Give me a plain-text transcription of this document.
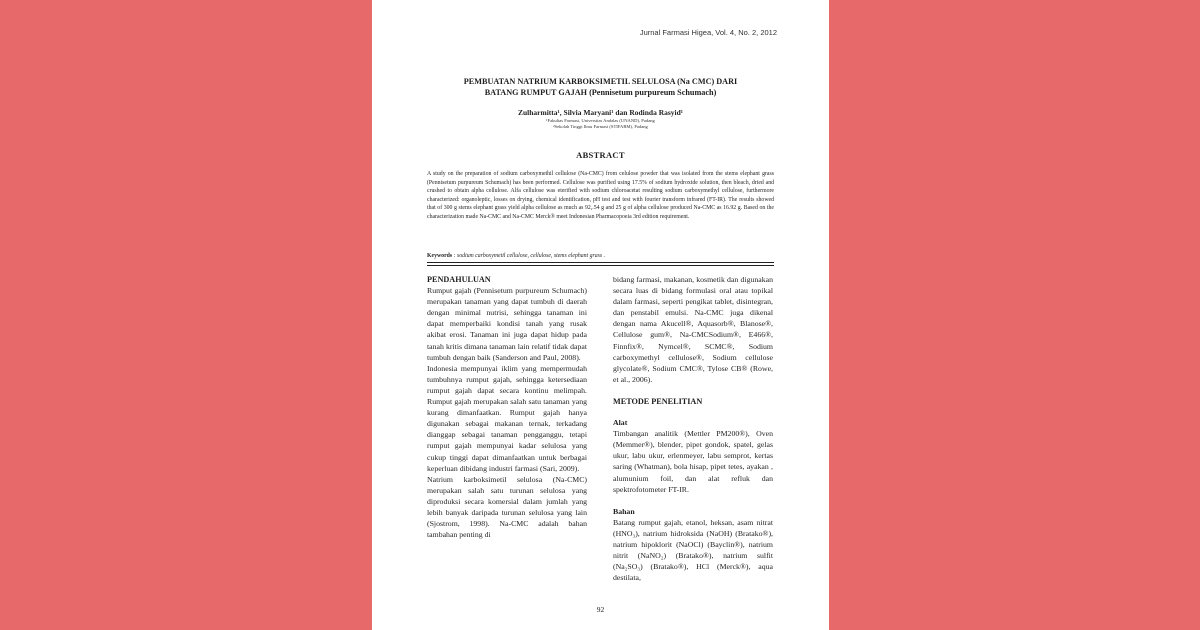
Jurnal Farmasi Higea, Vol. 4, No. 2, 2012
PEMBUATAN NATRIUM KARBOKSIMETIL SELULOSA (Na CMC) DARI
BATANG RUMPUT GAJAH (Pennisetum purpureum Schumach)
Zulharmitta¹, Silvia Maryani¹ dan Rodinda Rasyid¹
¹Fakultas Farmasi, Universitas Andalas (UNAND), Padang
²Sekolah Tinggi Ilmu Farmasi (STIFARM), Padang
ABSTRACT
A study on the preparation of sodium carboxymethil cellulose (Na-CMC) from celulose powder that was isolated from the stems elephant grass (Pennisetum purpureum Schumach) has been performed. Cellulose was purified using 17.5% of sodium hydroxide solution, then bleach, dried and crushed to obtain alpha cellulose. Alfa cellulose was eterified with sodium chloroacetat resulting sodium carboxymethyl cellulose, furthermore characterized: organoleptic, losses on drying, chemical identification, pH test and test with fourier transform infrared (FT-IR). The results showed that of 300 g stems elephant grass yield alpha cellulose as much as 92,.54 g and 25 g of alpha cellulose produced Na-CMC as 16.92 g. Based on the characterization made Na-CMC and Na-CMC Merck® meet Indonesian Pharmacopoeia 3rd edition requirement.
Keywords : sodium carboxymetil cellulose, cellulose, stems elephant grass .

PENDAHULUAN

Rumput gajah (Pennisetum purpureum Schumach) merupakan tanaman yang dapat tumbuh di daerah dengan minimal nutrisi, sehingga tanaman ini dapat memperbaiki kondisi tanah yang rusak akibat erosi. Tanaman ini juga dapat hidup pada tanah kritis dimana tanaman lain relatif tidak dapat tumbuh dengan baik (Sanderson and Paul, 2008).

Indonesia mempunyai iklim yang mempermudah tumbuhnya rumput gajah, sehingga ketersediaan rumput gajah dapat secara kontinu melimpah. Rumput gajah merupakan salah satu tanaman yang kurang dimanfaatkan. Rumput gajah hanya digunakan sebagai makanan ternak, terkadang dianggap sebagai tanaman pengganggu, tetapi rumput gajah mempunyai kadar selulosa yang cukup tinggi dapat dimanfaatkan untuk berbagai keperluan dibidang industri farmasi (Sari, 2009).

Natrium karboksimetil selulosa (Na-CMC) merupakan salah satu turunan selulosa yang diproduksi secara komersial dalam jumlah yang lebih banyak daripada turunan selulosa yang lain (Sjostrom, 1998). Na-CMC adalah bahan tambahan penting di

bidang farmasi, makanan, kosmetik dan digunakan secara luas di bidang formulasi oral atau topikal dalam farmasi, seperti pengikat tablet, disintegran, dan penstabil emulsi. Na-CMC juga dikenal dengan nama Akucell®, Aquasorb®, Blanose®, Cellulose gum®, Na-CMCSodium®, E466®, Finnfix®, Nymcel®, SCMC®, Sodium carboxymethyl cellulose®, Sodium cellulose glycolate®, Sodium CMC®, Tylose CB® (Rowe, et al., 2006).

METODE PENELITIAN

Alat

Timbangan analitik (Mettler PM200®), Oven (Memmer®), blender, pipet gondok, spatel, gelas ukur, labu ukur, erlenmeyer, labu semprot, kertas saring (Whatman), bola hisap, pipet tetes, ayakan , alumunium foil, dan alat refluk dan spektrofotometer FT-IR.

Bahan

Batang rumput gajah, etanol, heksan, asam nitrat (HNO₃), natrium hidroksida (NaOH) (Bratako®), natrium hipoklorit (NaOCl) (Bayclin®), natrium nitrit (NaNO₂) (Bratako®), natrium sulfit (Na₂SO₃) (Bratako®), HCl (Merck®), aqua destilata,

92
